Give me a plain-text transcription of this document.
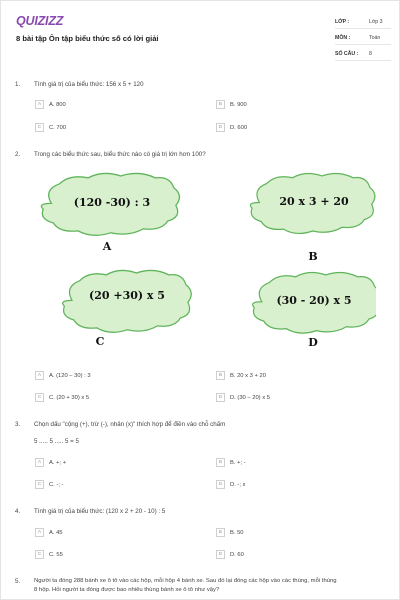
QUIZIZZ
8 bài tập Ôn tập biểu thức số có lời giải
LỚP :	Lớp 3
MÔN :	Toán
SỐ CÂU :	8
1. Tính giá trị của biểu thức: 156 x 5 + 120
A	A. 800	B	B. 900
C	C. 700	D	D. 600
2. Trong các biểu thức sau, biểu thức nào có giá trị lớn hơn 100?
(120 -30) : 3
A
20 x 3 + 20
B
(20 +30) x 5
C
(30 - 20) x 5
D
A	A. (120 – 30) : 3	B	B. 20 x 3 + 20
C	C. (20 + 30) x 5	D	D. (30 – 20) x 5
3. Chọn dấu "cộng (+), trừ (-), nhân (x)" thích hợp để điền vào chỗ chấm
5 ..... 5 ..... 5 = 5
A	A. +; +	B	B. +; -
C	C. -; -	D	D. -; x
4. Tính giá trị của biểu thức: (120 x 2 + 20 - 10) : 5
A	A. 45	B	B. 50
C	C. 55	D	D. 60
5. Người ta đóng 288 bánh xe ô tô vào các hộp, mỗi hộp 4 bánh xe. Sau đó lại đóng các hộp vào các thùng, mỗi thùng
8 hộp. Hỏi người ta đóng được bao nhiêu thùng bánh xe ô tô như vậy?
